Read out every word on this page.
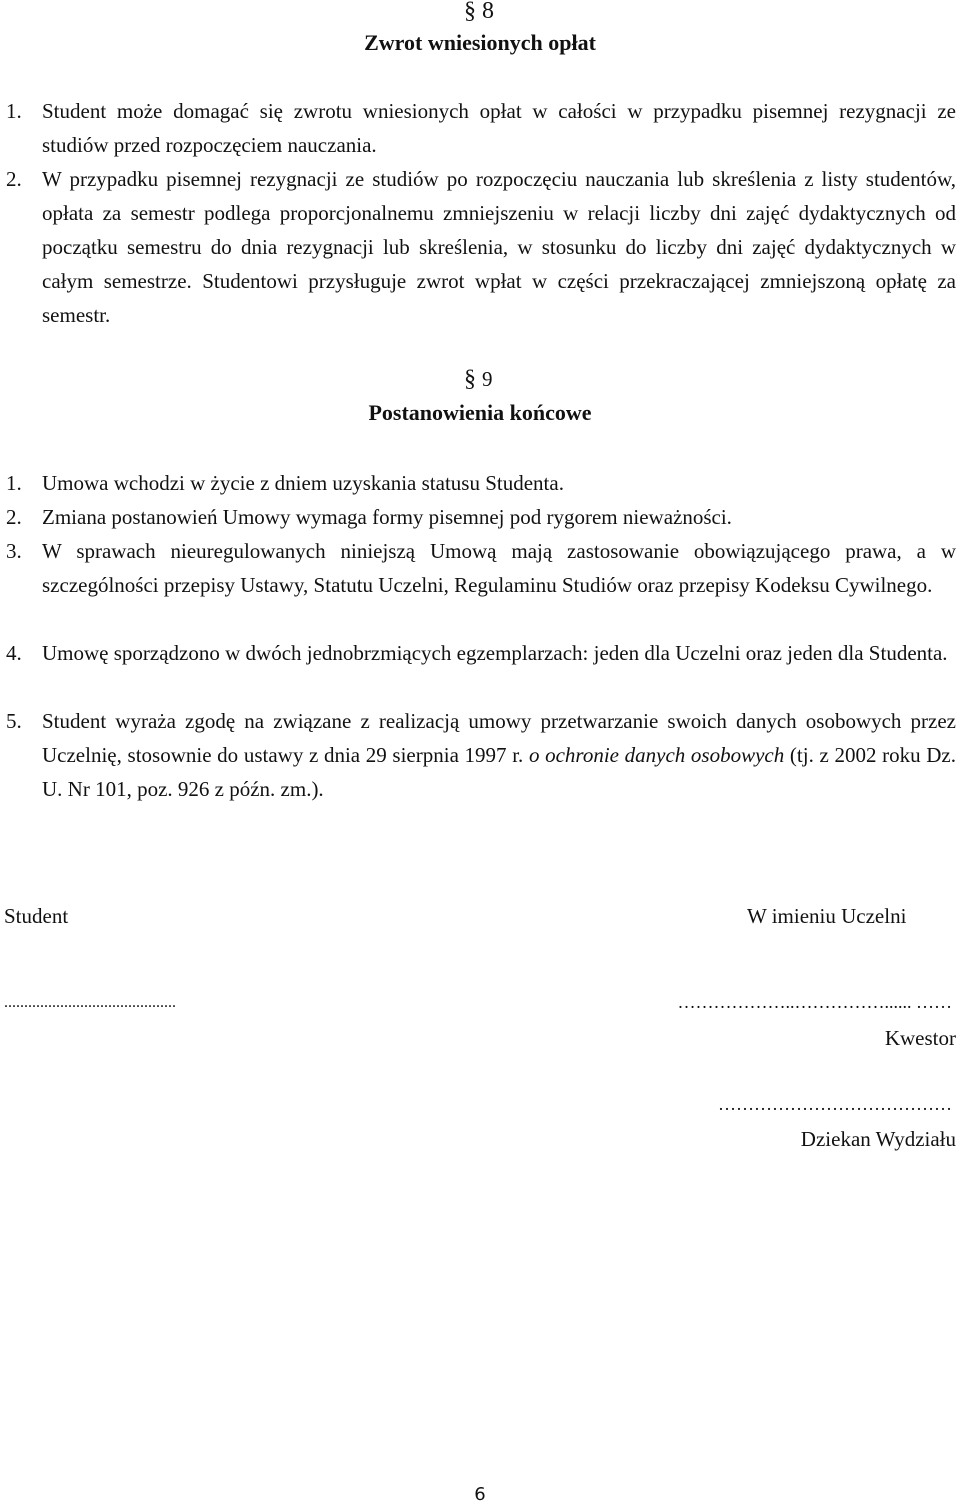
§ 8
Zwrot wniesionych opłat
1. Student może domagać się zwrotu wniesionych opłat w całości w przypadku pisemnej rezygnacji ze studiów przed rozpoczęciem nauczania.
2. W przypadku pisemnej rezygnacji ze studiów po rozpoczęciu nauczania lub skreślenia z listy studentów, opłata za semestr podlega proporcjonalnemu zmniejszeniu w relacji liczby dni zajęć dydaktycznych od początku semestru do dnia rezygnacji lub skreślenia, w stosunku do liczby dni zajęć dydaktycznych w całym semestrze. Studentowi przysługuje zwrot wpłat w części przekraczającej zmniejszoną opłatę za semestr.
§ 9
Postanowienia końcowe
1. Umowa wchodzi w życie z dniem uzyskania statusu Studenta.
2. Zmiana postanowień Umowy wymaga formy pisemnej pod rygorem nieważności.
3. W sprawach nieuregulowanych niniejszą Umową mają zastosowanie obowiązującego prawa, a w szczególności przepisy Ustawy, Statutu Uczelni, Regulaminu Studiów oraz przepisy Kodeksu Cywilnego.
4. Umowę sporządzono w dwóch jednobrzmiących egzemplarzach: jeden dla Uczelni oraz jeden dla Studenta.
5. Student wyraża zgodę na związane z realizacją umowy przetwarzanie swoich danych osobowych przez Uczelnię, stosownie do ustawy z dnia 29 sierpnia 1997 r. o ochronie danych osobowych (tj. z 2002 roku Dz. U. Nr 101, poz. 926 z późn. zm.).
Student	W imieniu Uczelni
...........................................	………………..……………...... ……
Kwestor
…………………………………
Dziekan Wydziału
6
